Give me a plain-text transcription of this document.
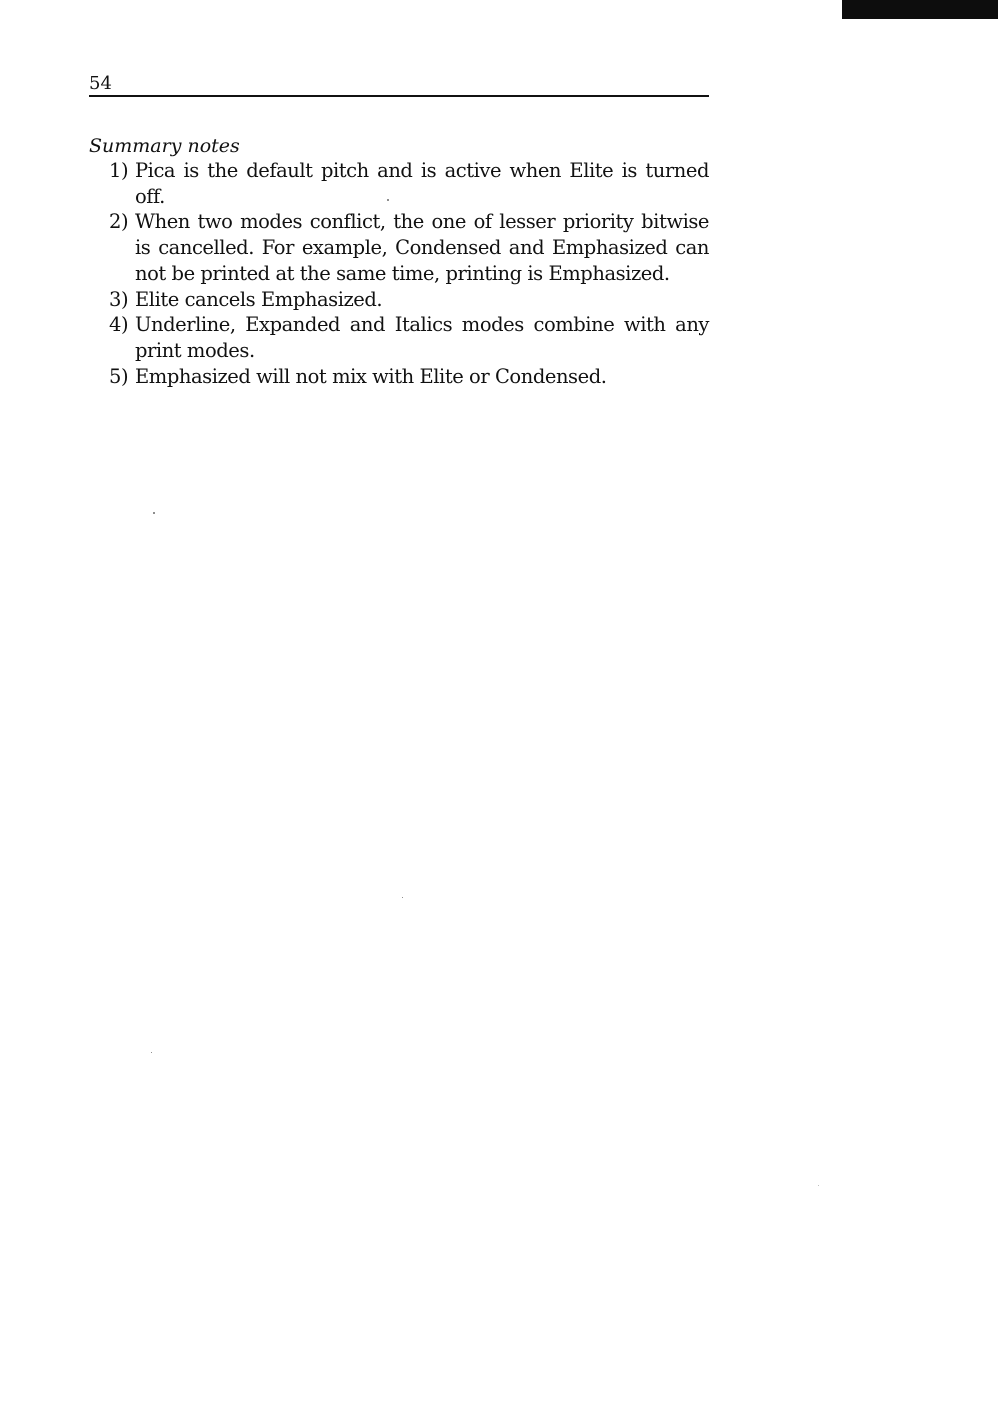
54
Summary notes
1) Pica is the default pitch and is active when Elite is turned off.
2) When two modes conflict, the one of lesser priority bitwise is cancelled. For example, Condensed and Emphasized can not be printed at the same time, printing is Emphasized.
3) Elite cancels Emphasized.
4) Underline, Expanded and Italics modes combine with any print modes.
5) Emphasized will not mix with Elite or Condensed.
